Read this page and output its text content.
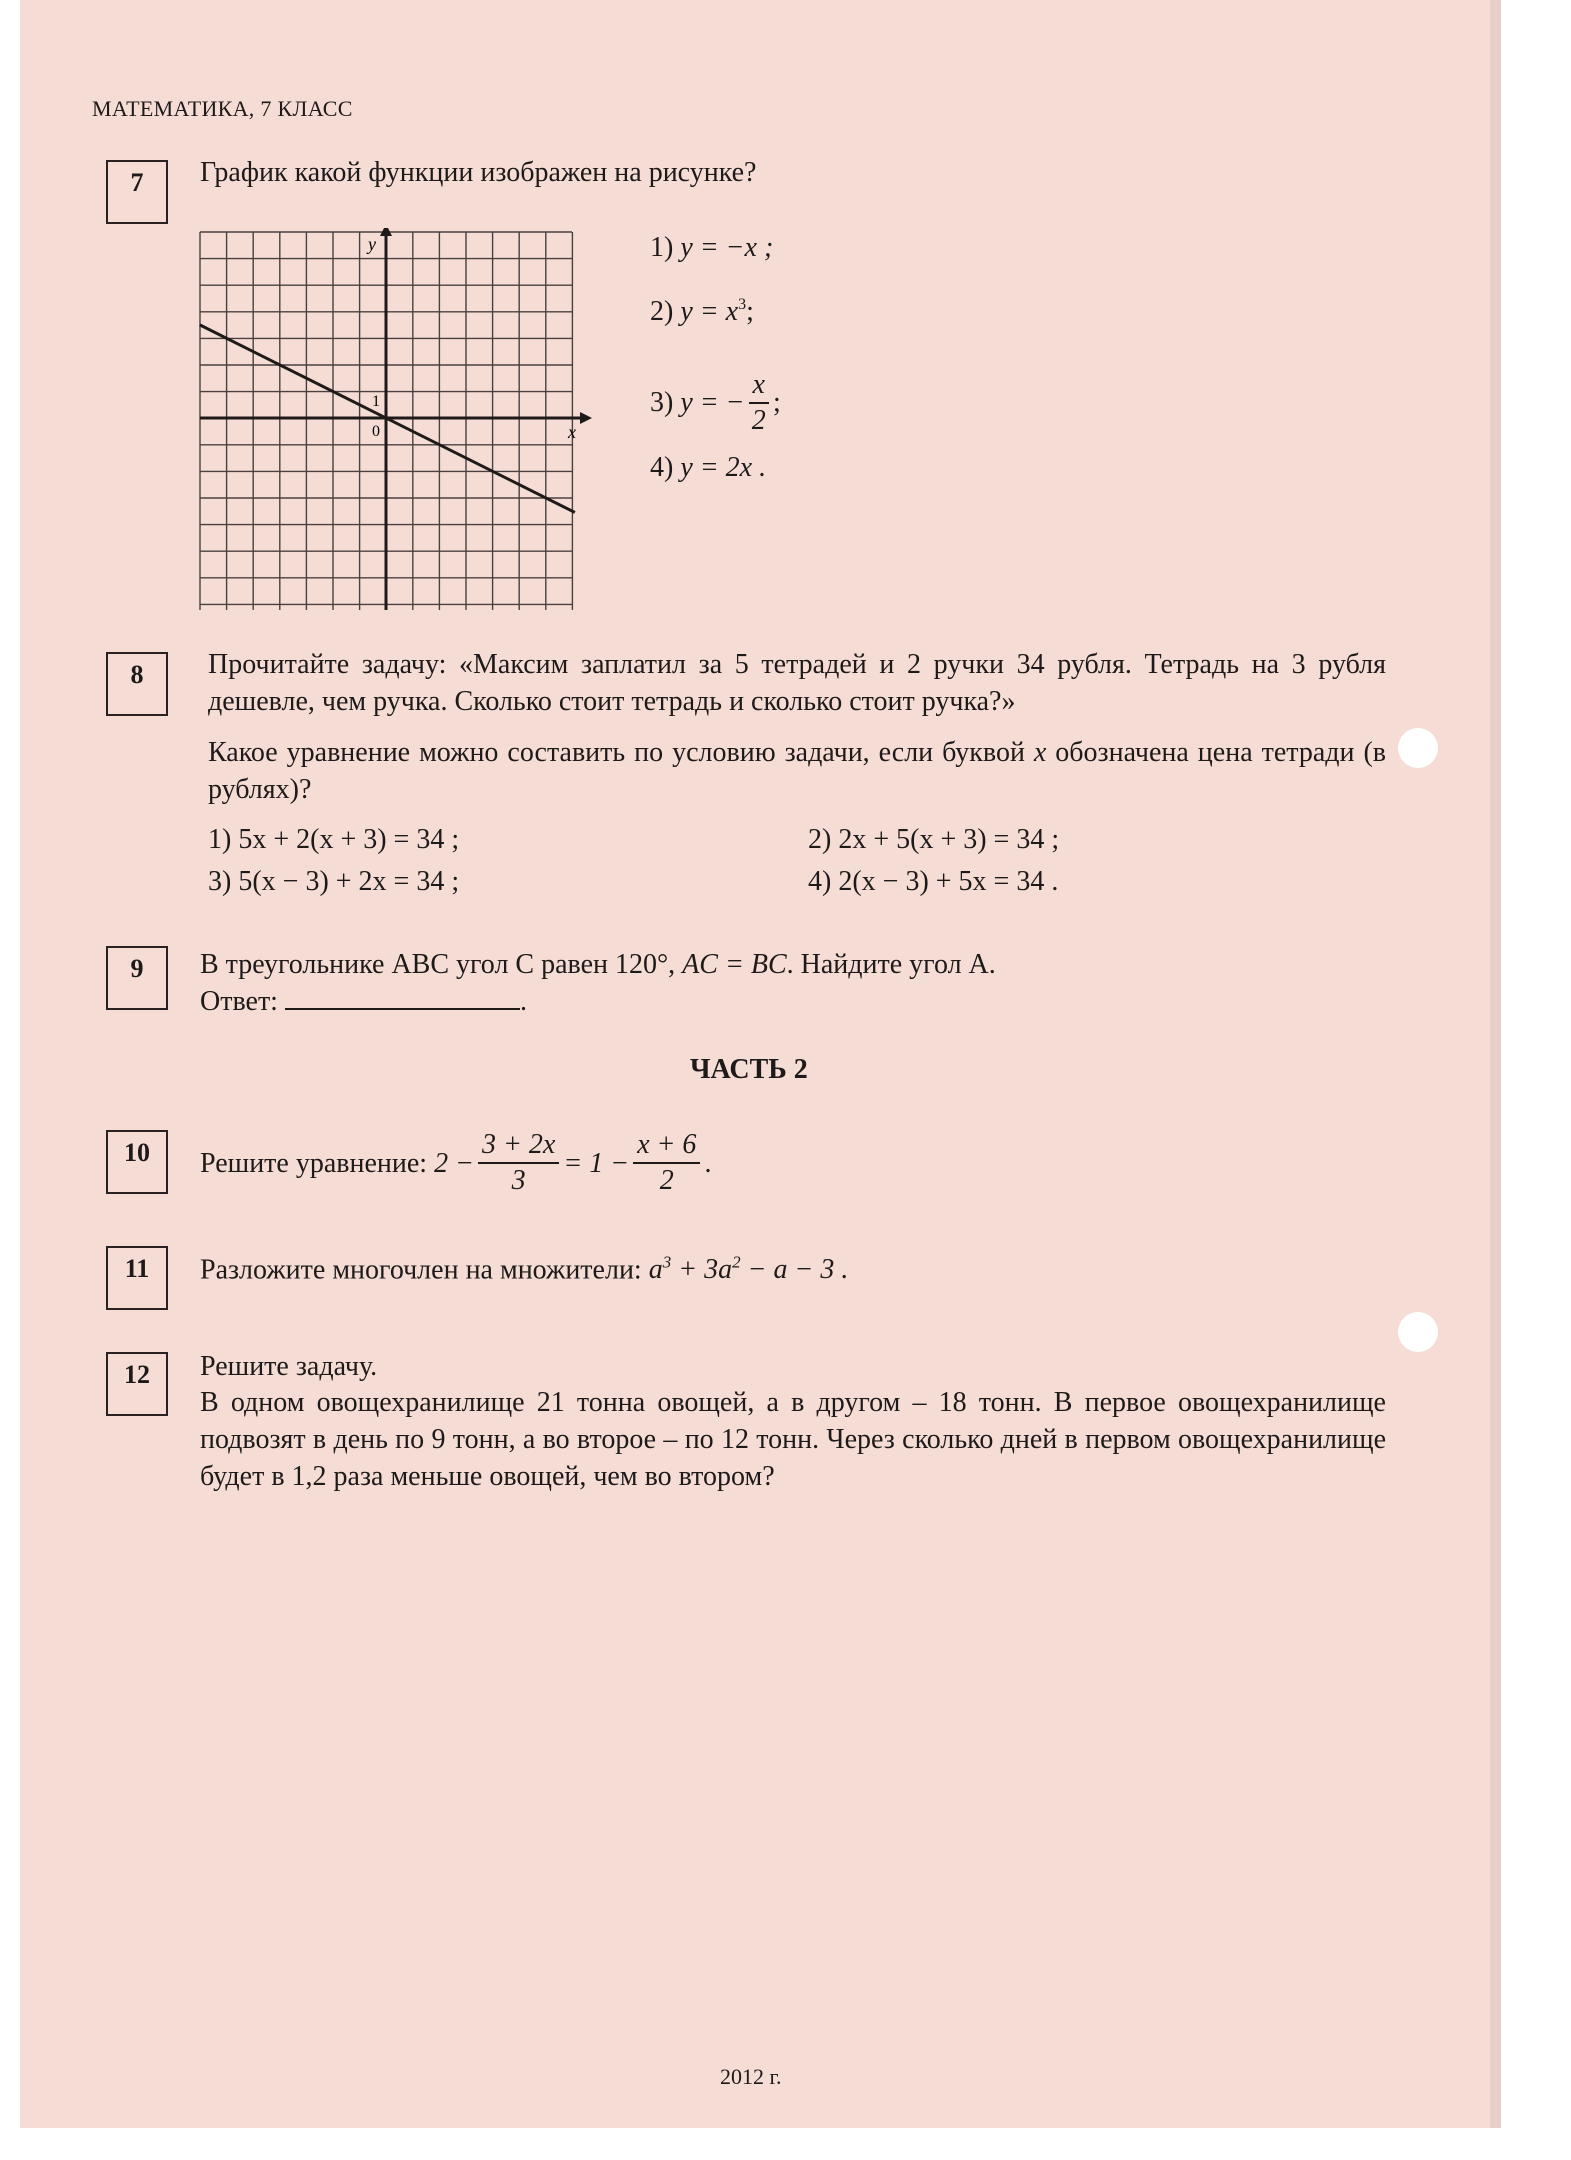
МАТЕМАТИКА, 7 КЛАСС
7	График какой функции изображен на рисунке?
y
x
0
1
1) y = −x ;
2) $y = x^3$ ;
3) y = − $\frac{x}{2}$ ;
4) y = 2x .
8	Прочитайте задачу: «Максим заплатил за 5 тетрадей и 2 ручки 34 рубля. Тетрадь на 3 рубля дешевле, чем ручка. Сколько стоит тетрадь и сколько стоит ручка?»
Какое уравнение можно составить по условию задачи, если буквой x обозначена цена тетради (в рублях)?
1) 5x + 2(x + 3) = 34 ;	2) 2x + 5(x + 3) = 34 ;
3) 5(x − 3) + 2x = 34 ;	4) 2(x − 3) + 5x = 34 .
9	В треугольнике АВС угол С равен 120°, AC = BC. Найдите угол А.
Ответ:	.
ЧАСТЬ 2
10	Решите уравнение:
$2 - \frac{3 + 2x}{3} = 1 - \frac{x + 6}{2}$ .
11	Разложите многочлен на множители: $a^3 + 3a^2 - a - 3$ .
12	Решите задачу.
В одном овощехранилище 21 тонна овощей, а в другом – 18 тонн. В первое овощехранилище подвозят в день по 9 тонн, а во второе – по 12 тонн. Через сколько дней в первом овощехранилище будет в 1,2 раза меньше овощей, чем во втором?
2012 г.
